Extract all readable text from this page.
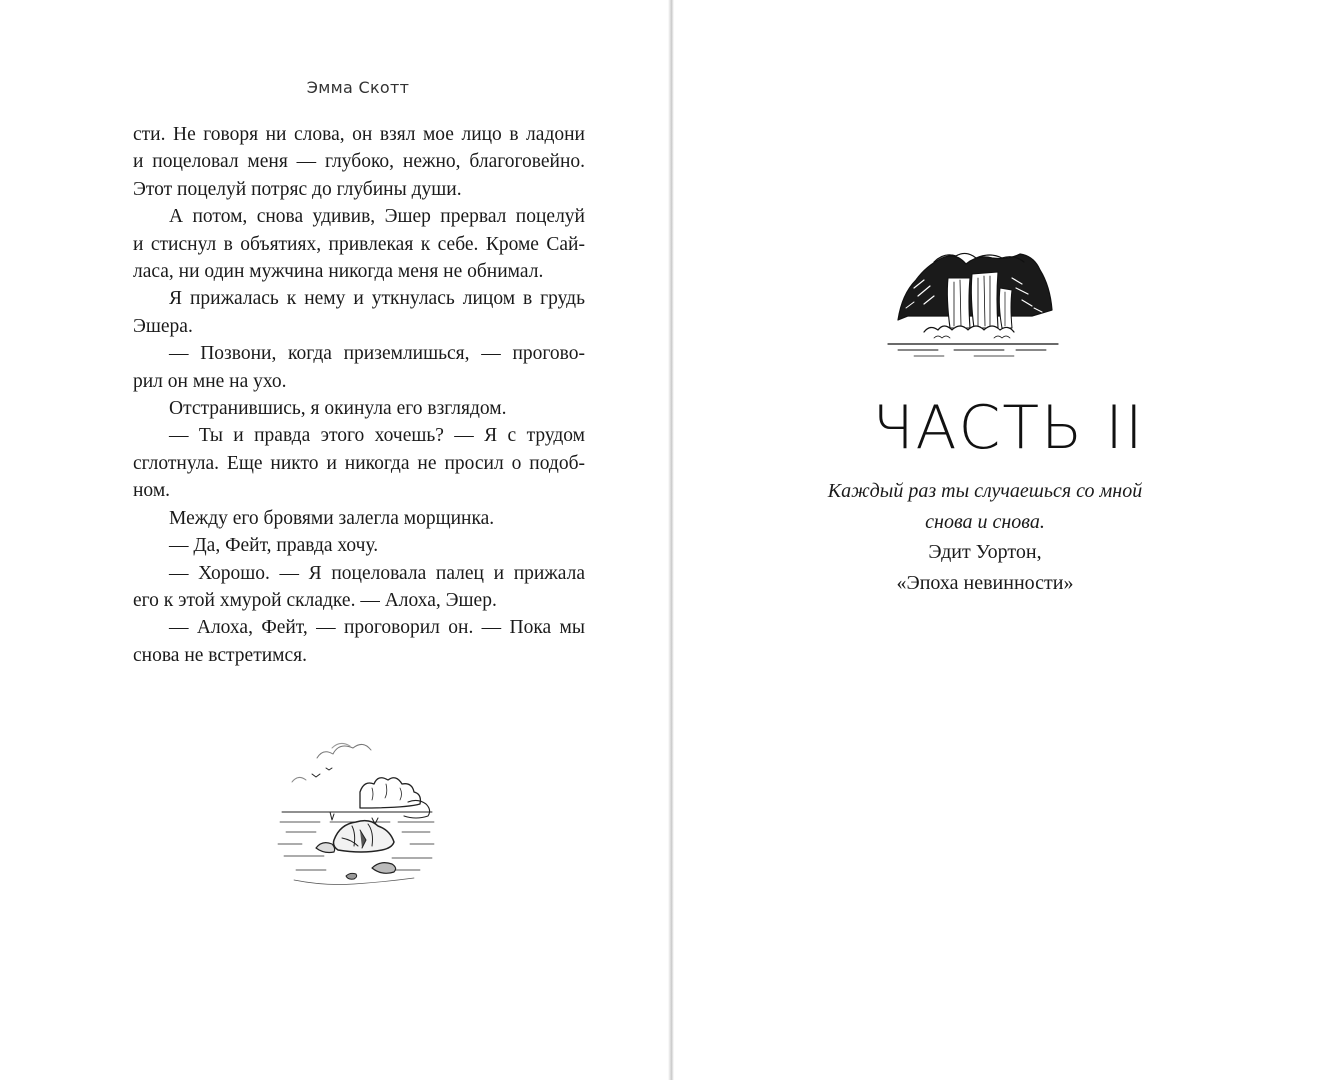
Эмма Скотт
сти. Не говоря ни слова, он взял мое лицо в ладони
и поцеловал меня — глубоко, нежно, благоговейно.
Этот поцелуй потряс до глубины души.
А потом, снова удивив, Эшер прервал поцелуй
и стиснул в объятиях, привлекая к себе. Кроме Сай-
ласа, ни один мужчина никогда меня не обнимал.
Я прижалась к нему и уткнулась лицом в грудь
Эшера.
— Позвони, когда приземлишься, — прогово-
рил он мне на ухо.
Отстранившись, я окинула его взглядом.
— Ты и правда этого хочешь? — Я с трудом
сглотнула. Еще никто и никогда не просил о подоб-
ном.
Между его бровями залегла морщинка.
— Да, Фейт, правда хочу.
— Хорошо. — Я поцеловала палец и прижала
его к этой хмурой складке. — Алоха, Эшер.
— Алоха, Фейт, — проговорил он. — Пока мы
снова не встретимся.
ЧАСТЬ II
Каждый раз ты случаешься со мной
снова и снова.
Эдит Уортон,
«Эпоха невинности»
